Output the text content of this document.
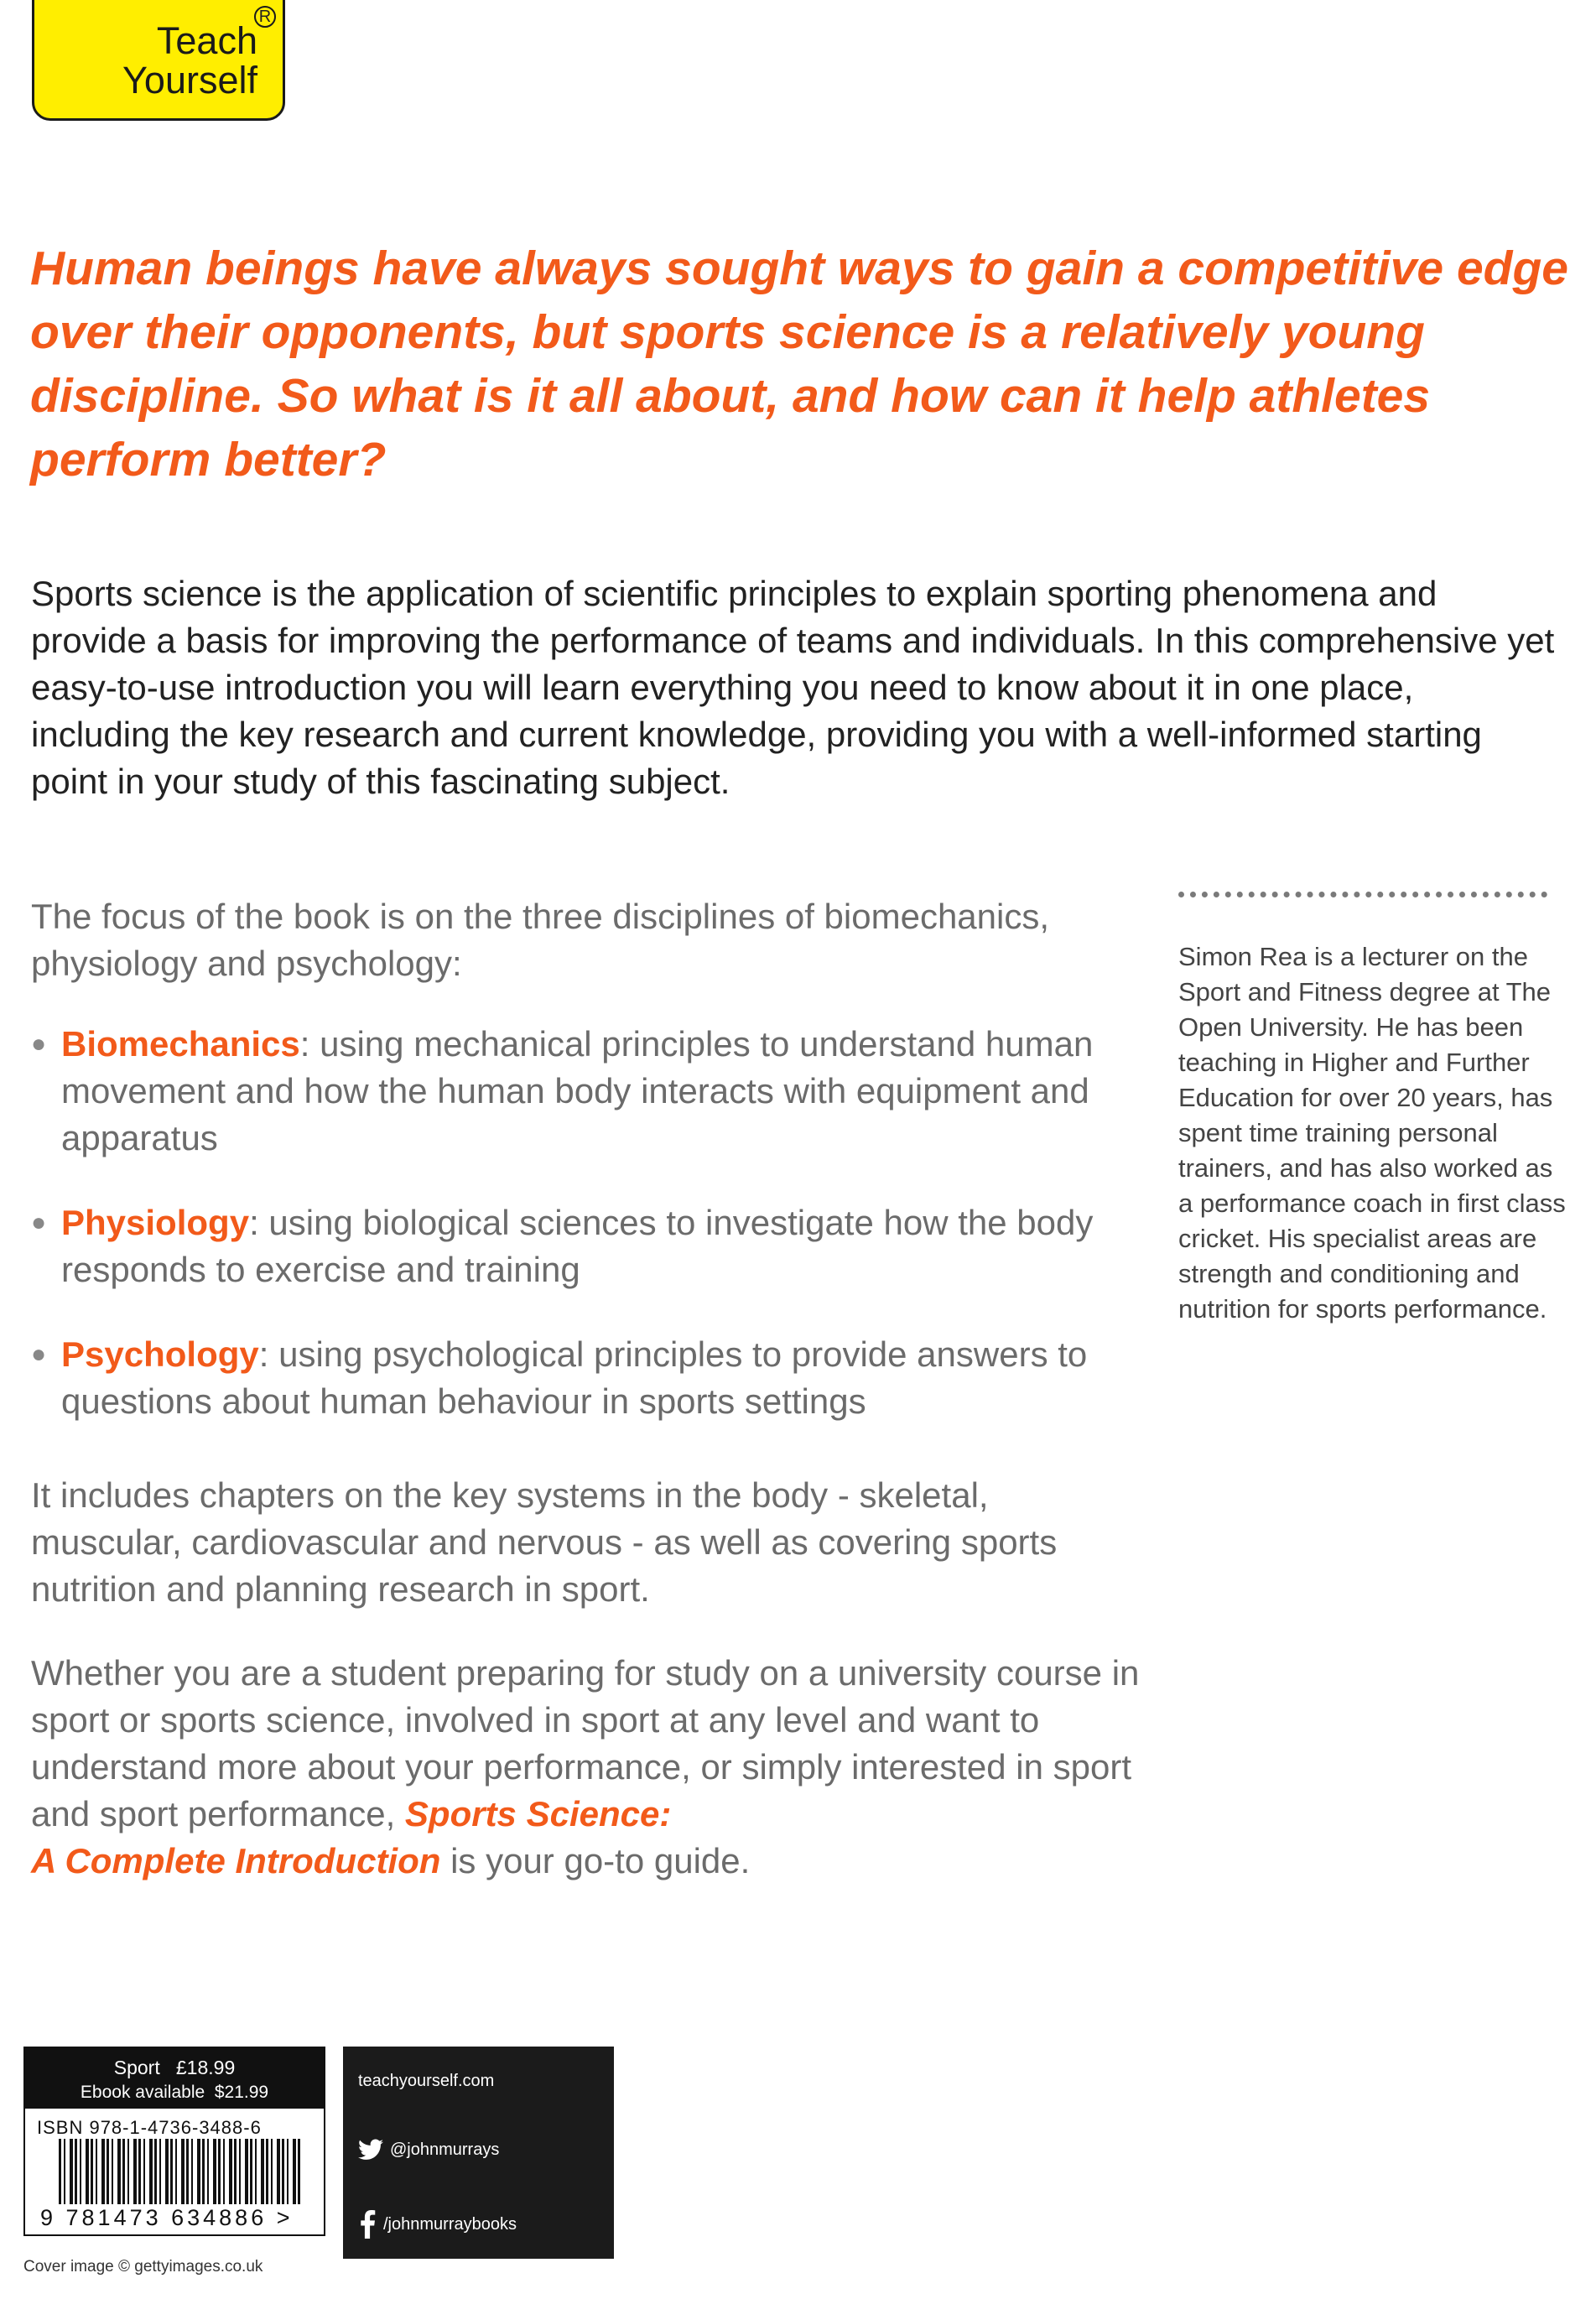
R
Teach
Yourself
Human beings have always sought ways to gain a competitive edge over their opponents, but sports science is a relatively young discipline. So what is it all about, and how can it help athletes perform better?
Sports science is the application of scientific principles to explain sporting phenomena and provide a basis for improving the performance of teams and individuals. In this comprehensive yet easy-to-use introduction you will learn everything you need to know about it in one place, including the key research and current knowledge, providing you with a well-informed starting point in your study of this fascinating subject.

The focus of the book is on the three disciplines of biomechanics, physiology and psychology:

● Biomechanics: using mechanical principles to understand human movement and how the human body interacts with equipment and apparatus
● Physiology: using biological sciences to investigate how the body responds to exercise and training
● Psychology: using psychological principles to provide answers to questions about human behaviour in sports settings

It includes chapters on the key systems in the body - skeletal, muscular, cardiovascular and nervous - as well as covering sports nutrition and planning research in sport.

Whether you are a student preparing for study on a university course in sport or sports science, involved in sport at any level and want to understand more about your performance, or simply interested in sport and sport performance, Sports Science:
A Complete Introduction is your go-to guide.

Simon Rea is a lecturer on the Sport and Fitness degree at The Open University. He has been teaching in Higher and Further Education for over 20 years, has spent time training personal trainers, and has also worked as a performance coach in first class cricket. His specialist areas are strength and conditioning and nutrition for sports performance.
Sport £18.99
Ebook available $21.99
ISBN 978-1-4736-3488-6
9 781473 634886 >
teachyourself.com
@johnmurrays
/johnmurraybooks
Cover image © gettyimages.co.uk
